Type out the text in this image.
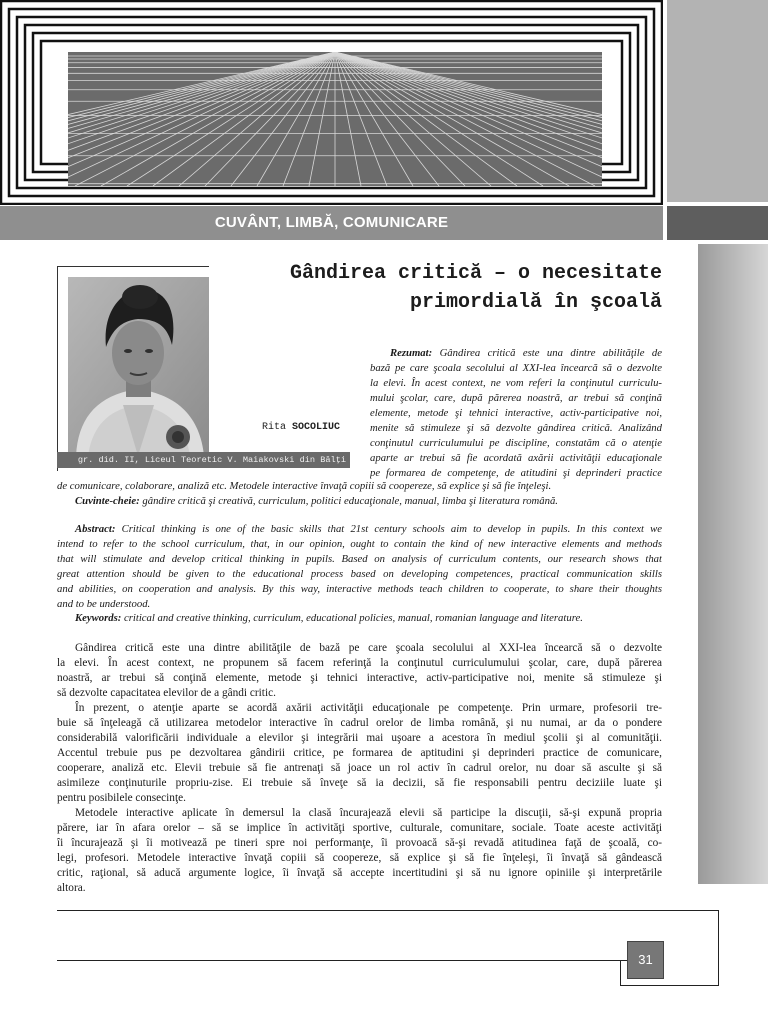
CUVÂNT, LIMBĂ, COMUNICARE
gr. did. II, Liceul Teoretic V. Maiakovski din Bălţi
Rita SOCOLIUC
Gândirea critică – o necesitate
primordială în şcoală
Rezumat: Gândirea critică este una dintre abilităţile de
bază pe care şcoala secolului al XXI-lea încearcă să o dezvolte
la elevi. În acest context, ne vom referi la conţinutul curriculu-
mului şcolar, care, după părerea noastră, ar trebui să conţină
elemente, metode şi tehnici interactive, activ-participative noi,
menite să stimuleze şi să dezvolte gândirea critică. Analizând
conţinutul curriculumului pe discipline, constatăm că o atenţie
aparte ar trebui să fie acordată axării activităţii educaţionale
pe formarea de competenţe, de atitudini şi deprinderi practice
de comunicare, colaborare, analiză etc. Metodele interactive învaţă copiii să coopereze, să explice şi să fie înţeleşi.
Cuvinte-cheie: gândire critică şi creativă, curriculum, politici educaţionale, manual, limba şi literatura română.
Abstract: Critical thinking is one of the basic skills that 21st century schools aim to develop in pupils. In this context we
intend to refer to the school curriculum, that, in our opinion, ought to contain the kind of new interactive elements and methods
that will stimulate and develop critical thinking in pupils. Based on analysis of curriculum contents, our research shows that
great attention should be given to the educational process based on developing competences, practical communication skills
and abilities, on cooperation and analysis. By this way, interactive methods teach children to cooperate, to share their thoughts
and to be understood.
Keywords: critical and creative thinking, curriculum, educational policies, manual, romanian language and literature.
Gândirea critică este una dintre abilităţile de bază pe care şcoala secolului al XXI-lea încearcă să o dezvolte
la elevi. În acest context, ne propunem să facem referinţă la conţinutul curriculumului şcolar, care, după părerea
noastră, ar trebui să conţină elemente, metode şi tehnici interactive, activ-participative noi, menite să stimuleze şi
să dezvolte capacitatea elevilor de a gândi critic.
În prezent, o atenţie aparte se acordă axării activităţii educaţionale pe competenţe. Prin urmare, profesorii tre-
buie să înţeleagă că utilizarea metodelor interactive în cadrul orelor de limba română, şi nu numai, ar da o pondere
considerabilă valorificării individuale a elevilor şi integrării mai uşoare a acestora în mediul şcolii şi al comunităţii.
Accentul trebuie pus pe dezvoltarea gândirii critice, pe formarea de aptitudini şi deprinderi practice de comunicare,
cooperare, analiză etc. Elevii trebuie să fie antrenaţi să joace un rol activ în cadrul orelor, nu doar să asculte şi să
asimileze conţinuturile propriu-zise. Ei trebuie să înveţe să ia decizii, să fie responsabili pentru deciziile luate şi
pentru posibilele consecinţe.
Metodele interactive aplicate în demersul la clasă încurajează elevii să participe la discuţii, să-şi expună propria
părere, iar în afara orelor – să se implice în activităţi sportive, culturale, comunitare, sociale. Toate aceste activităţi
îi încurajează şi îi motivează pe tineri spre noi performanţe, îi provoacă să-şi revadă atitudinea faţă de şcoală, co-
legi, profesori. Metodele interactive învaţă copiii să coopereze, să explice şi să fie înţeleşi, îi învaţă să gândească
critic, raţional, să aducă argumente logice, îi învaţă să accepte incertitudini şi să nu ignore opiniile şi interpretările
altora.
31
